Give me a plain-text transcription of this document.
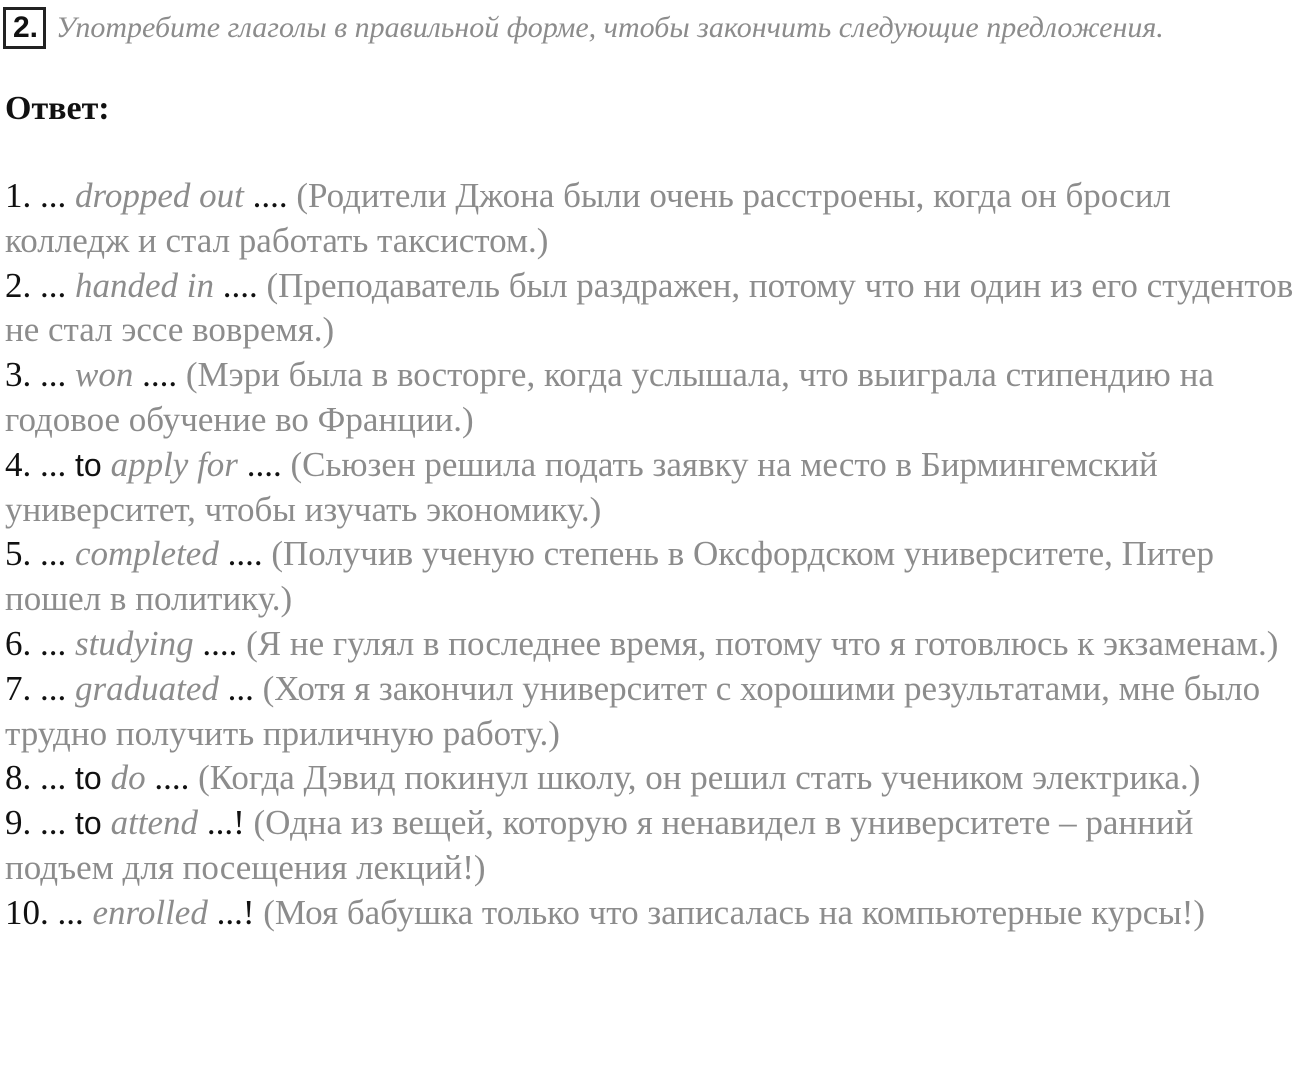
2. Употребите глаголы в правильной форме, чтобы закончить следующие предложения.
Ответ:
1. ... dropped out .... (Родители Джона были очень расстроены, когда он бросил колледж и стал работать таксистом.)
2. ... handed in .... (Преподаватель был раздражен, потому что ни один из его студентов не стал эссе вовремя.)
3. ... won .... (Мэри была в восторге, когда услышала, что выиграла стипендию на годовое обучение во Франции.)
4. ... to apply for .... (Сьюзен решила подать заявку на место в Бирмингемский университет, чтобы изучать экономику.)
5. ... completed .... (Получив ученую степень в Оксфордском университете, Питер пошел в политику.)
6. ... studying .... (Я не гулял в последнее время, потому что я готовлюсь к экзаменам.)
7. ... graduated ... (Хотя я закончил университет с хорошими результатами, мне было трудно получить приличную работу.)
8. ... to do .... (Когда Дэвид покинул школу, он решил стать учеником электрика.)
9. ... to attend ...! (Одна из вещей, которую я ненавидел в университете – ранний подъем для посещения лекций!)
10. ... enrolled ...! (Моя бабушка только что записалась на компьютерные курсы!)
